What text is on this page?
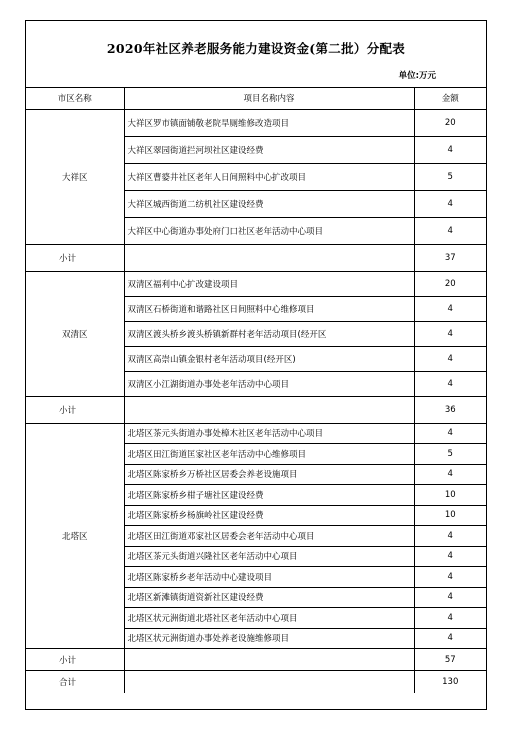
2020年社区养老服务能力建设资金(第二批）分配表
单位:万元
市区名称	项目名称内容	金额
大祥区	大祥区罗市镇面铺敬老院旱厕维修改造项目	20
	大祥区翠园街道拦河坝社区建设经费	4
	大祥区曹婆井社区老年人日间照料中心扩改项目	5
	大祥区城西街道二纺机社区建设经费	4
	大祥区中心街道办事处府门口社区老年活动中心项目	4
小计		37
双清区	双清区福利中心扩改建设项目	20
	双清区石桥街道和谐路社区日间照料中心维修项目	4
	双清区渡头桥乡渡头桥镇新群村老年活动项目(经开区	4
	双清区高崇山镇金银村老年活动项目(经开区)	4
	双清区小江湖街道办事处老年活动中心项目	4
小计		36
北塔区	北塔区茶元头街道办事处樟木社区老年活动中心项目	4
	北塔区田江街道匡家社区老年活动中心维修项目	5
	北塔区陈家桥乡万桥社区居委会养老设施项目	4
	北塔区陈家桥乡柑子塘社区建设经费	10
	北塔区陈家桥乡杨旗岭社区建设经费	10
	北塔区田江街道邓家社区居委会老年活动中心项目	4
	北塔区茶元头街道兴隆社区老年活动中心项目	4
	北塔区陈家桥乡老年活动中心建设项目	4
	北塔区新滩镇街道资新社区建设经费	4
	北塔区状元洲街道北塔社区老年活动中心项目	4
	北塔区状元洲街道办事处养老设施维修项目	4
小计		57
合计		130
